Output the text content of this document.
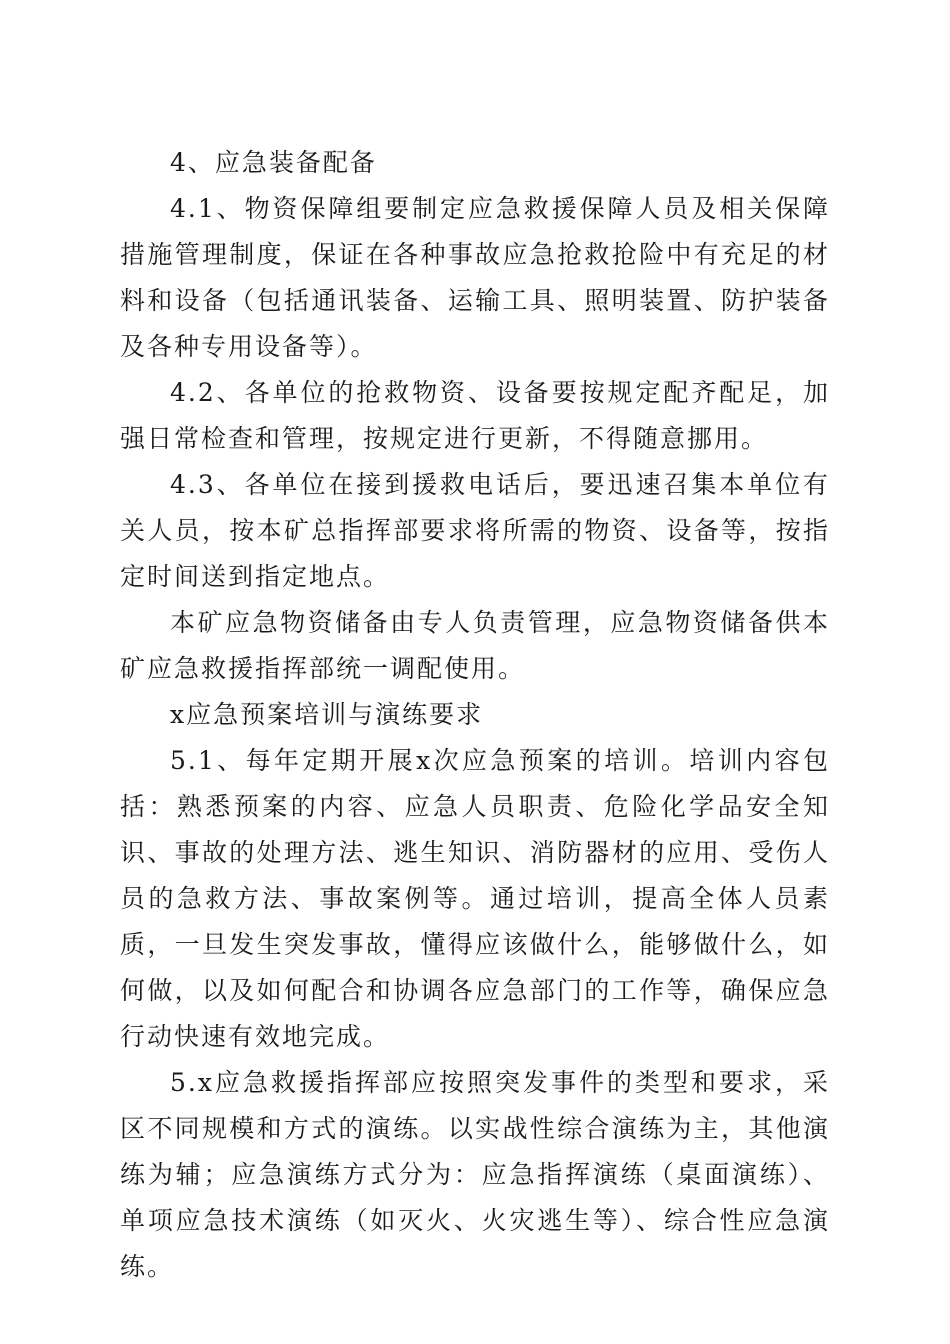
4、应急装备配备

4.1、物资保障组要制定应急救援保障人员及相关保障措施管理制度，保证在各种事故应急抢救抢险中有充足的材料和设备（包括通讯装备、运输工具、照明装置、防护装备及各种专用设备等）。

4.2、各单位的抢救物资、设备要按规定配齐配足，加强日常检查和管理，按规定进行更新，不得随意挪用。

4.3、各单位在接到援救电话后，要迅速召集本单位有关人员，按本矿总指挥部要求将所需的物资、设备等，按指定时间送到指定地点。

本矿应急物资储备由专人负责管理，应急物资储备供本矿应急救援指挥部统一调配使用。

x应急预案培训与演练要求

5.1、每年定期开展x次应急预案的培训。培训内容包括：熟悉预案的内容、应急人员职责、危险化学品安全知识、事故的处理方法、逃生知识、消防器材的应用、受伤人员的急救方法、事故案例等。通过培训，提高全体人员素质，一旦发生突发事故，懂得应该做什么，能够做什么，如何做，以及如何配合和协调各应急部门的工作等，确保应急行动快速有效地完成。

5.x应急救援指挥部应按照突发事件的类型和要求，采区不同规模和方式的演练。以实战性综合演练为主，其他演练为辅；应急演练方式分为：应急指挥演练（桌面演练）、单项应急技术演练（如灭火、火灾逃生等）、综合性应急演练。
